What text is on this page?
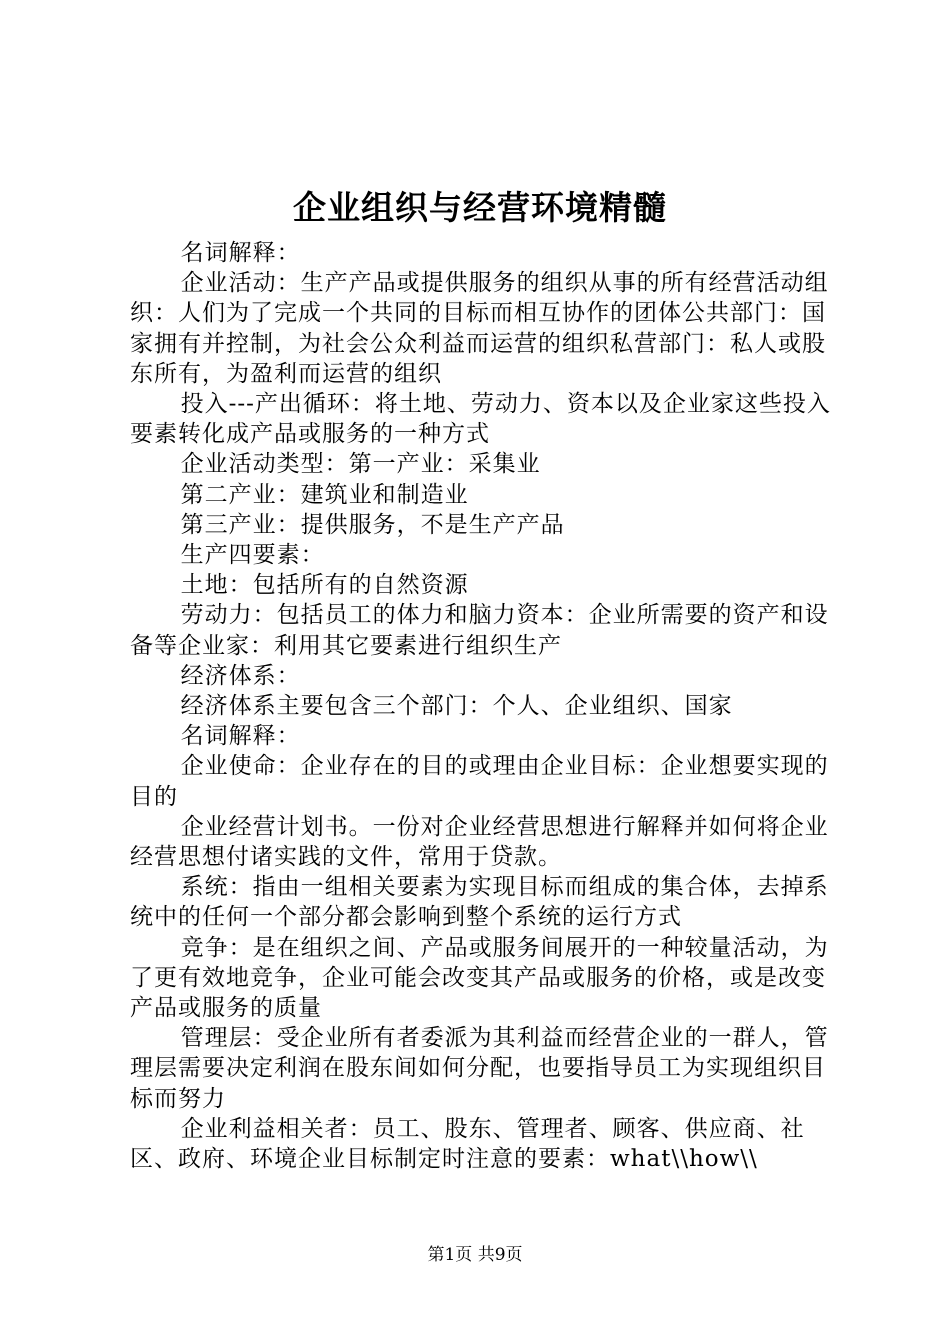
企业组织与经营环境精髓

名词解释：

企业活动：生产产品或提供服务的组织从事的所有经营活动组织：人们为了完成一个共同的目标而相互协作的团体公共部门：国家拥有并控制，为社会公众利益而运营的组织私营部门：私人或股东所有，为盈利而运营的组织

投入---产出循环：将土地、劳动力、资本以及企业家这些投入要素转化成产品或服务的一种方式

企业活动类型：第一产业：采集业

第二产业：建筑业和制造业

第三产业：提供服务，不是生产产品

生产四要素：

土地：包括所有的自然资源

劳动力：包括员工的体力和脑力资本：企业所需要的资产和设备等企业家：利用其它要素进行组织生产

经济体系：

经济体系主要包含三个部门：个人、企业组织、国家

名词解释：

企业使命：企业存在的目的或理由企业目标：企业想要实现的目的

企业经营计划书。一份对企业经营思想进行解释并如何将企业经营思想付诸实践的文件，常用于贷款。

系统：指由一组相关要素为实现目标而组成的集合体，去掉系统中的任何一个部分都会影响到整个系统的运行方式

竞争：是在组织之间、产品或服务间展开的一种较量活动，为了更有效地竞争，企业可能会改变其产品或服务的价格，或是改变产品或服务的质量

管理层：受企业所有者委派为其利益而经营企业的一群人，管理层需要决定利润在股东间如何分配，也要指导员工为实现组织目标而努力

企业利益相关者：员工、股东、管理者、顾客、供应商、社区、政府、环境企业目标制定时注意的要素：what\\how\\

第1页 共9页
